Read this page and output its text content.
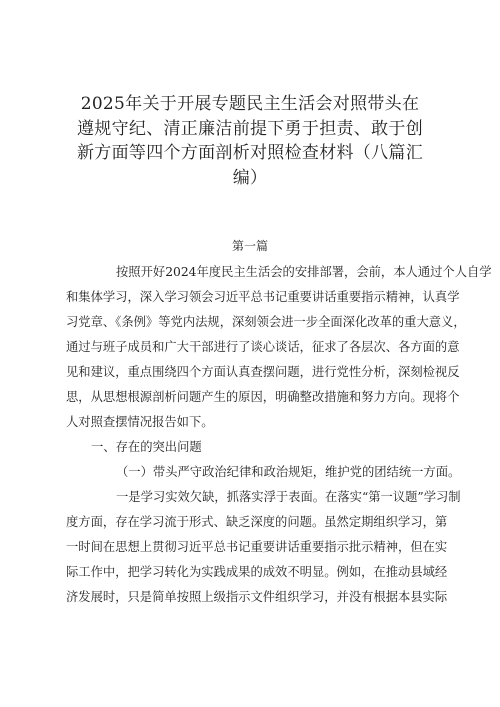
2025年关于开展专题民主生活会对照带头在
遵规守纪、清正廉洁前提下勇于担责、敢于创
新方面等四个方面剖析对照检查材料（八篇汇
编）
第一篇
按照开好2024年度民主生活会的安排部署，会前，本人通过个人自学
和集体学习，深入学习领会习近平总书记重要讲话重要指示精神，认真学
习党章、《条例》等党内法规，深刻领会进一步全面深化改革的重大意义，
通过与班子成员和广大干部进行了谈心谈话，征求了各层次、各方面的意
见和建议，重点围绕四个方面认真查摆问题，进行党性分析，深刻检视反
思，从思想根源剖析问题产生的原因，明确整改措施和努力方向。现将个
人对照查摆情况报告如下。
一、存在的突出问题
（一）带头严守政治纪律和政治规矩，维护党的团结统一方面。
一是学习实效欠缺，抓落实浮于表面。在落实“第一议题”学习制
度方面，存在学习流于形式、缺乏深度的问题。虽然定期组织学习，第
一时间在思想上贯彻习近平总书记重要讲话重要指示批示精神，但在实
际工作中，把学习转化为实践成果的成效不明显。例如，在推动县域经
济发展时，只是简单按照上级指示文件组织学习，并没有根据本县实际
